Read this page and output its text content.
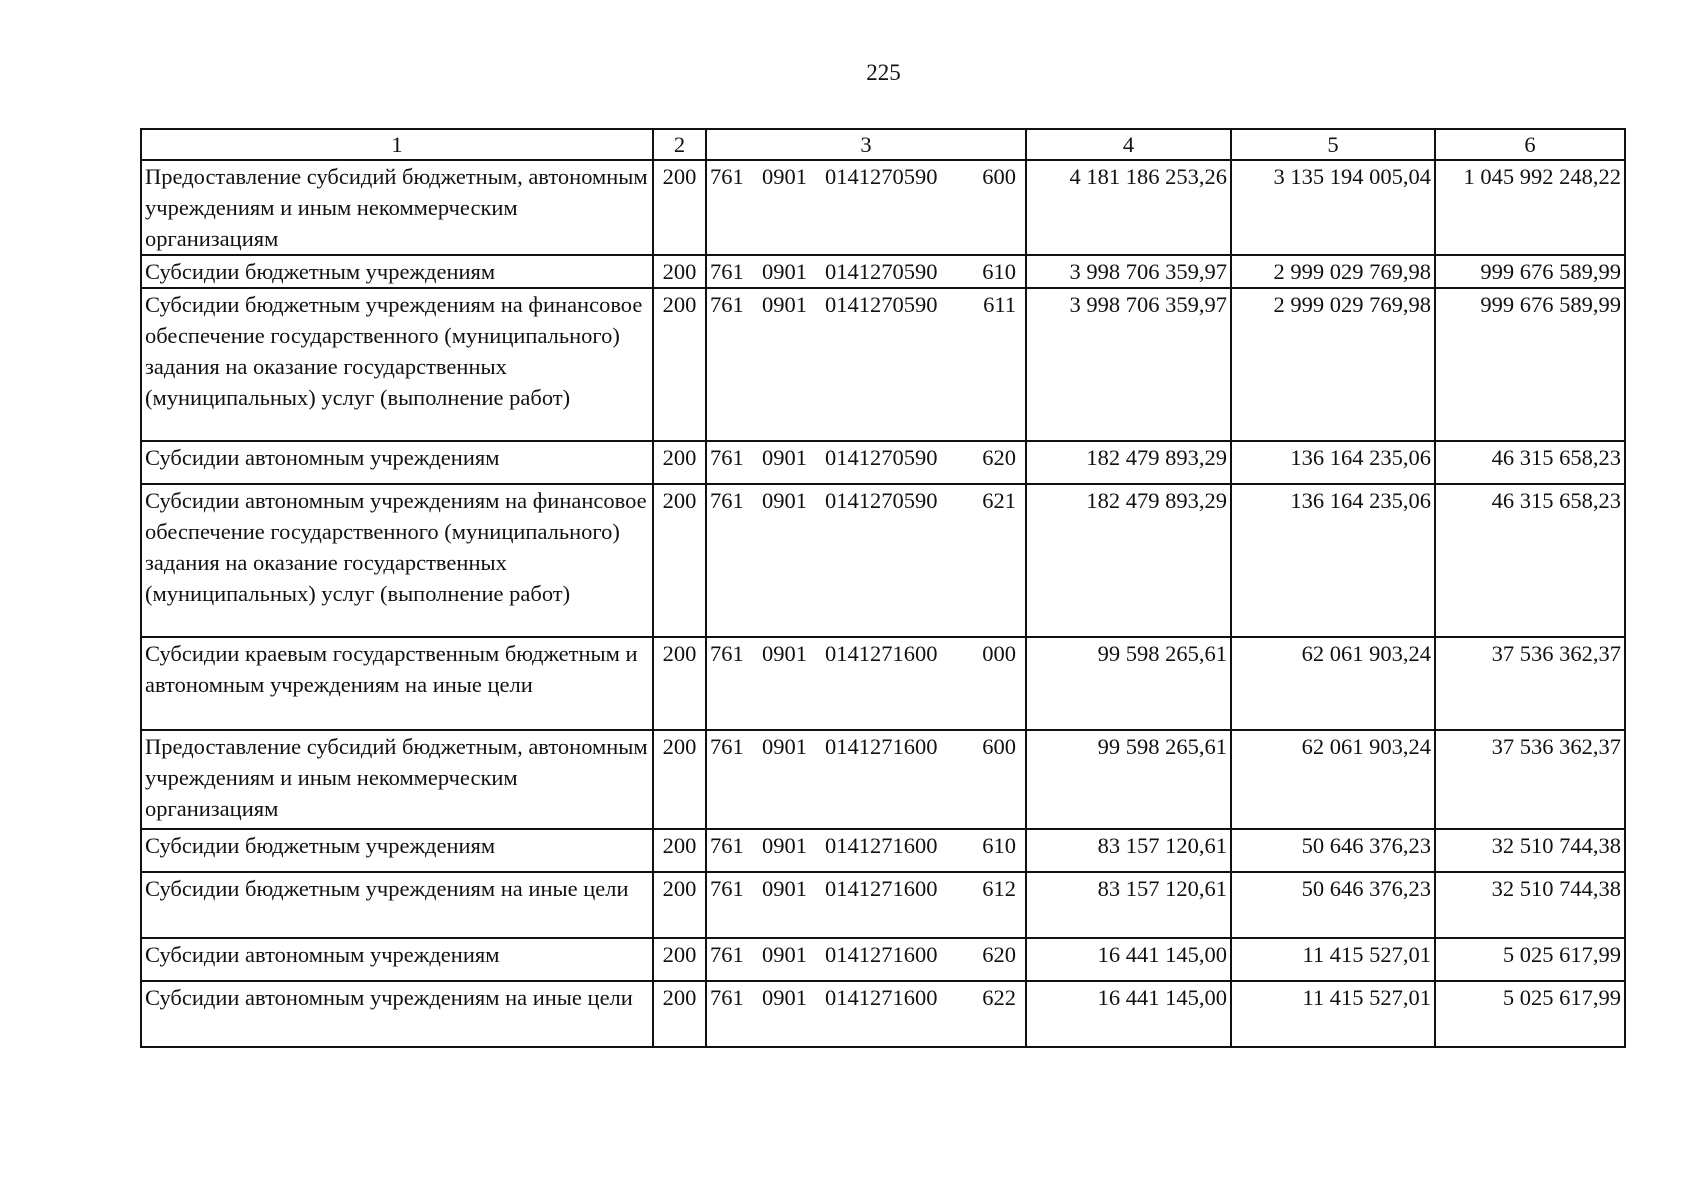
225
1	2	3	4	5	6
Предоставление субсидий бюджетным, автономным учреждениям и иным некоммерческим организациям	200	761 0901 0141270590 600	4 181 186 253,26	3 135 194 005,04	1 045 992 248,22
Субсидии бюджетным учреждениям	200	761 0901 0141270590 610	3 998 706 359,97	2 999 029 769,98	999 676 589,99
Субсидии бюджетным учреждениям на финансовое обеспечение государственного (муниципального) задания на оказание государственных (муниципальных) услуг (выполнение работ)	200	761 0901 0141270590 611	3 998 706 359,97	2 999 029 769,98	999 676 589,99
Субсидии автономным учреждениям	200	761 0901 0141270590 620	182 479 893,29	136 164 235,06	46 315 658,23
Субсидии автономным учреждениям на финансовое обеспечение государственного (муниципального) задания на оказание государственных (муниципальных) услуг (выполнение работ)	200	761 0901 0141270590 621	182 479 893,29	136 164 235,06	46 315 658,23
Субсидии краевым государственным бюджетным и автономным учреждениям на иные цели	200	761 0901 0141271600 000	99 598 265,61	62 061 903,24	37 536 362,37
Предоставление субсидий бюджетным, автономным учреждениям и иным некоммерческим организациям	200	761 0901 0141271600 600	99 598 265,61	62 061 903,24	37 536 362,37
Субсидии бюджетным учреждениям	200	761 0901 0141271600 610	83 157 120,61	50 646 376,23	32 510 744,38
Субсидии бюджетным учреждениям на иные цели	200	761 0901 0141271600 612	83 157 120,61	50 646 376,23	32 510 744,38
Субсидии автономным учреждениям	200	761 0901 0141271600 620	16 441 145,00	11 415 527,01	5 025 617,99
Субсидии автономным учреждениям на иные цели	200	761 0901 0141271600 622	16 441 145,00	11 415 527,01	5 025 617,99
